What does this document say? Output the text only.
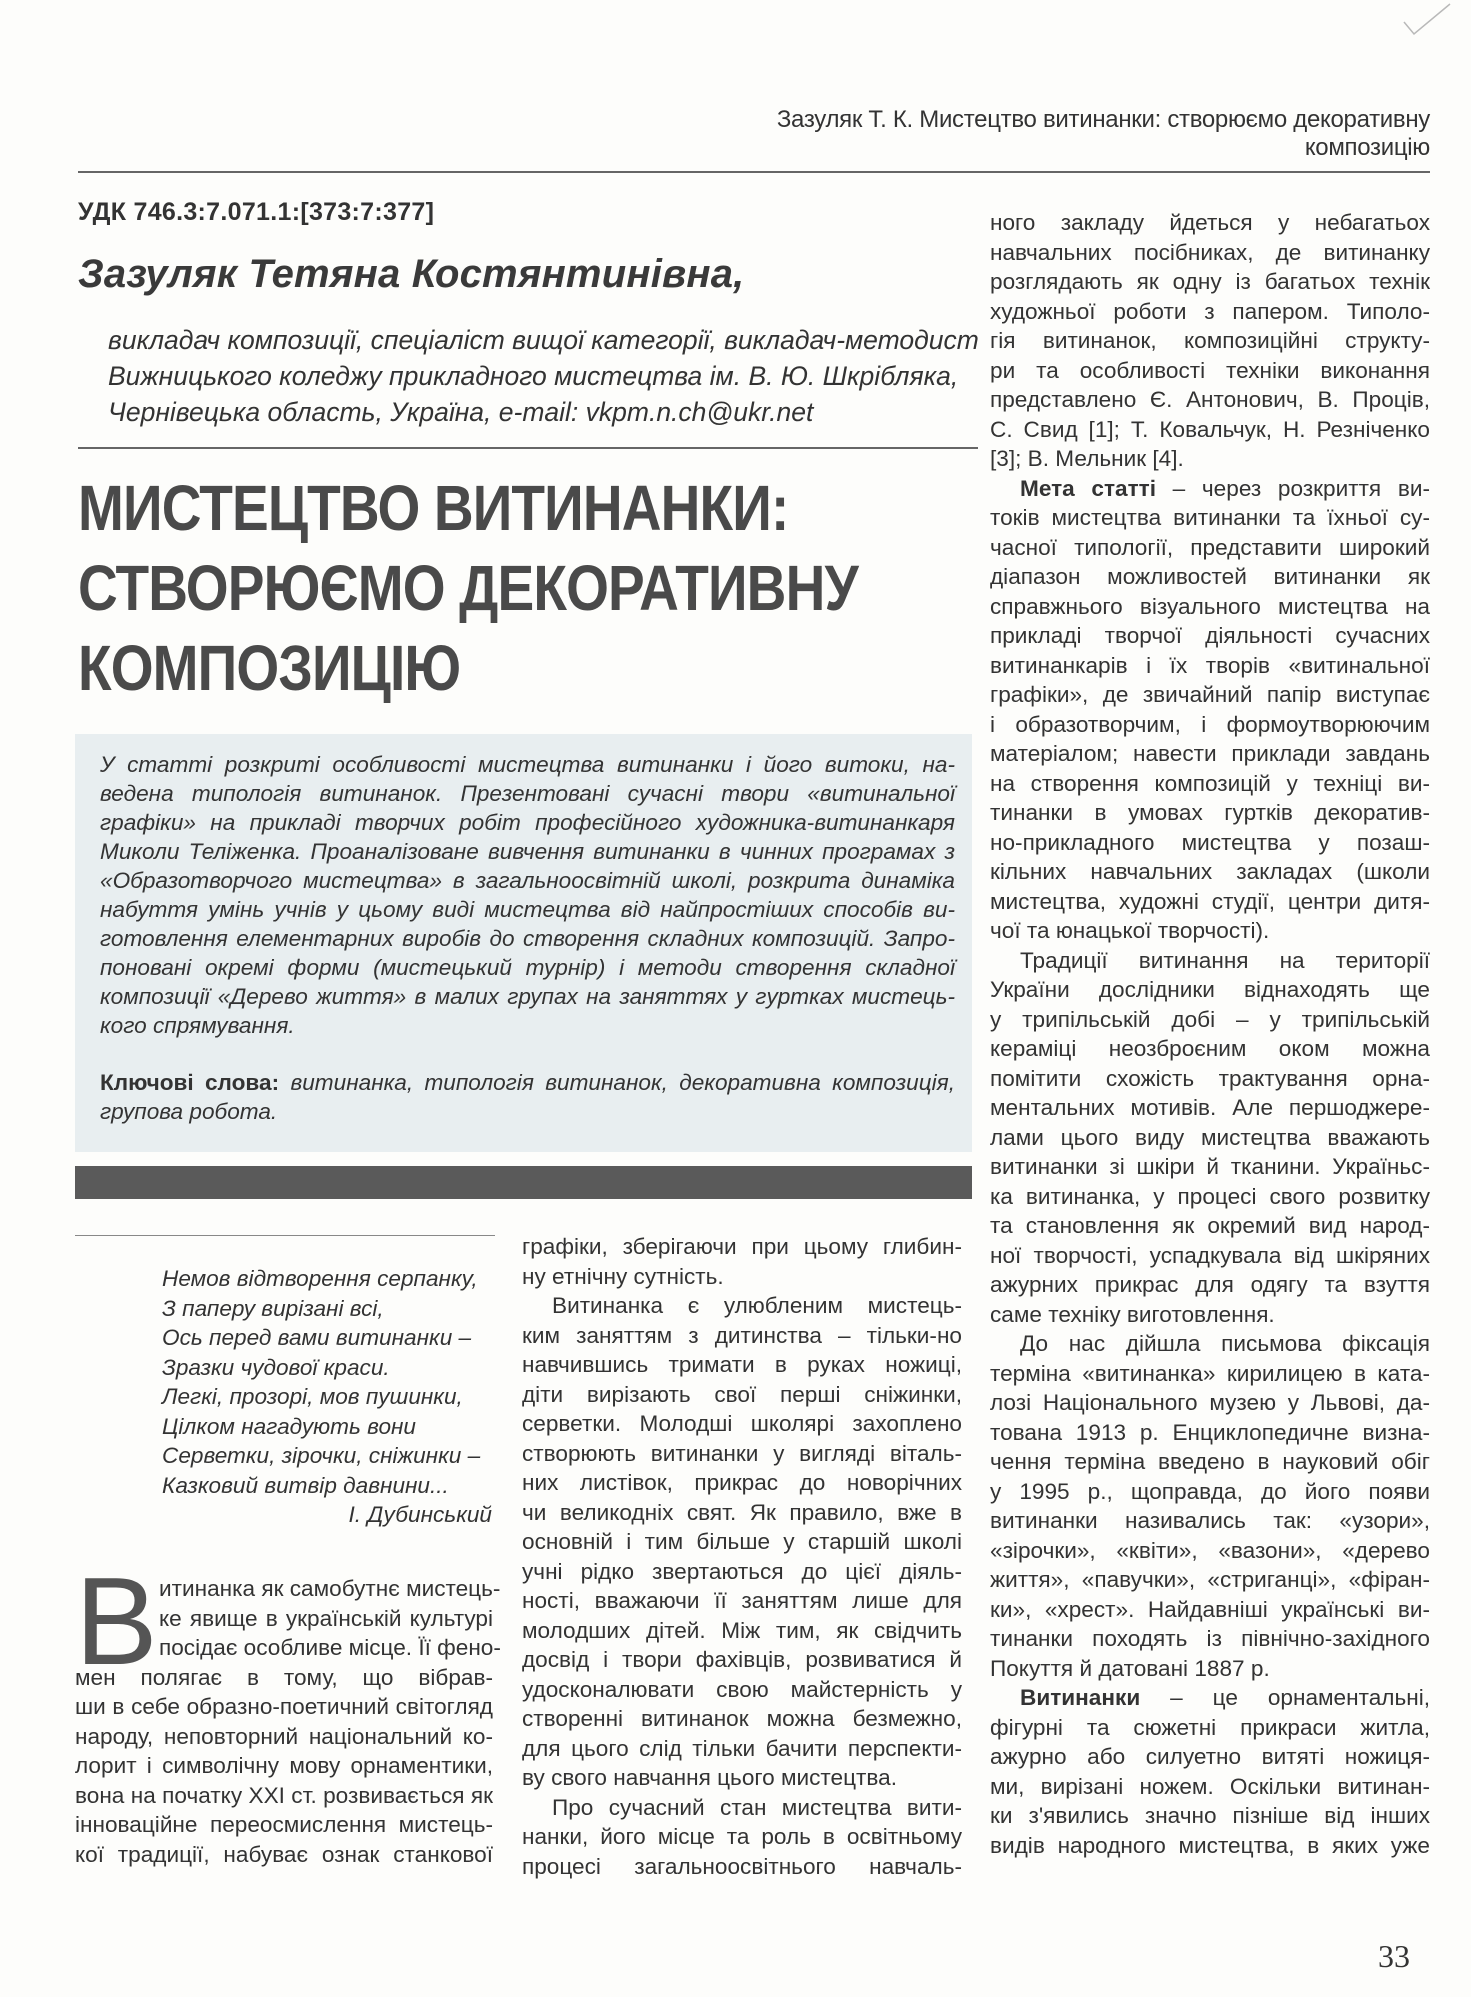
Зазуляк Т. К. Мистецтво витинанки: створюємо декоративну композицію
УДК 746.3:7.071.1:[373:7:377]
Зазуляк Тетяна Костянтинівна,
викладач композиції, спеціаліст вищої категорії, викладач-методист
Вижницького коледжу прикладного мистецтва ім. В. Ю. Шкрібляка,
Чернівецька область, Україна, e-mail: vkpm.n.ch@ukr.net
МИСТЕЦТВО ВИТИНАНКИ:
СТВОРЮЄМО ДЕКОРАТИВНУ
КОМПОЗИЦІЮ
У статті розкриті особливості мистецтва витинанки і його витоки, на-
ведена типологія витинанок. Презентовані сучасні твори «витинальної
графіки» на прикладі творчих робіт професійного художника-витинанкаря
Миколи Теліженка. Проаналізоване вивчення витинанки в чинних програмах з
«Образотворчого мистецтва» в загальноосвітній школі, розкрита динаміка
набуття умінь учнів у цьому виді мистецтва від найпростіших способів ви-
готовлення елементарних виробів до створення складних композицій. Запро-
поновані окремі форми (мистецький турнір) і методи створення складної
композиції «Дерево життя» в малих групах на заняттях у гуртках мистець-
кого спрямування.
Ключові слова: витинанка, типологія витинанок, декоративна композиція,
групова робота.
Немов відтворення серпанку,
З паперу вирізані всі,
Ось перед вами витинанки –
Зразки чудової краси.
Легкі, прозорі, мов пушинки,
Цілком нагадують вони
Серветки, зірочки, сніжинки –
Казковий витвір давнини...
І. Дубинський
В итинанка як самобутнє мистець-
ке явище в українській культурі
посідає особливе місце. Її фено-
мен полягає в тому, що вібрав-
ши в себе образно-поетичний світогляд
народу, неповторний національний ко-
лорит і символічну мову орнаментики,
вона на початку XXI ст. розвивається як
інноваційне переосмислення мистець-
кої традиції, набуває ознак станкової
графіки, зберігаючи при цьому глибин-
ну етнічну сутність.
Витинанка є улюбленим мистець-
ким заняттям з дитинства – тільки-но
навчившись тримати в руках ножиці,
діти вирізають свої перші сніжинки,
серветки. Молодші школярі захоплено
створюють витинанки у вигляді віталь-
них листівок, прикрас до новорічних
чи великодніх свят. Як правило, вже в
основній і тим більше у старшій школі
учні рідко звертаються до цієї діяль-
ності, вважаючи її заняттям лише для
молодших дітей. Між тим, як свідчить
досвід і твори фахівців, розвиватися й
удосконалювати свою майстерність у
створенні витинанок можна безмежно,
для цього слід тільки бачити перспекти-
ву свого навчання цього мистецтва.
Про сучасний стан мистецтва вити-
нанки, його місце та роль в освітньому
процесі загальноосвітнього навчаль-
ного закладу йдеться у небагатьох
навчальних посібниках, де витинанку
розглядають як одну із багатьох технік
художньої роботи з папером. Типоло-
гія витинанок, композиційні структу-
ри та особливості техніки виконання
представлено Є. Антонович, В. Проців,
С. Свид [1]; Т. Ковальчук, Н. Резніченко
[3]; В. Мельник [4].
Мета статті – через розкриття ви-
токів мистецтва витинанки та їхньої су-
часної типології, представити широкий
діапазон можливостей витинанки як
справжнього візуального мистецтва на
прикладі творчої діяльності сучасних
витинанкарів і їх творів «витинальної
графіки», де звичайний папір виступає
і образотворчим, і формоутворюючим
матеріалом; навести приклади завдань
на створення композицій у техніці ви-
тинанки в умовах гуртків декоратив-
но-прикладного мистецтва у позаш-
кільних навчальних закладах (школи
мистецтва, художні студії, центри дитя-
чої та юнацької творчості).
Традиції витинання на території
України дослідники віднаходять ще
у трипільській добі – у трипільській
кераміці неозброєним оком можна
помітити схожість трактування орна-
ментальних мотивів. Але першоджере-
лами цього виду мистецтва вважають
витинанки зі шкіри й тканини. Україньс-
ка витинанка, у процесі свого розвитку
та становлення як окремий вид народ-
ної творчості, успадкувала від шкіряних
ажурних прикрас для одягу та взуття
саме техніку виготовлення.
До нас дійшла письмова фіксація
терміна «витинанка» кирилицею в ката-
лозі Національного музею у Львові, да-
тована 1913 р. Енциклопедичне визна-
чення терміна введено в науковий обіг
у 1995 р., щоправда, до його появи
витинанки називались так: «узори»,
«зірочки», «квіти», «вазони», «дерево
життя», «павучки», «стриганці», «фіран-
ки», «хрест». Найдавніші українські ви-
тинанки походять із північно-західного
Покуття й датовані 1887 р.
Витинанки – це орнаментальні,
фігурні та сюжетні прикраси житла,
ажурно або силуетно витяті ножиця-
ми, вирізані ножем. Оскільки витинан-
ки з'явились значно пізніше від інших
видів народного мистецтва, в яких уже
33
